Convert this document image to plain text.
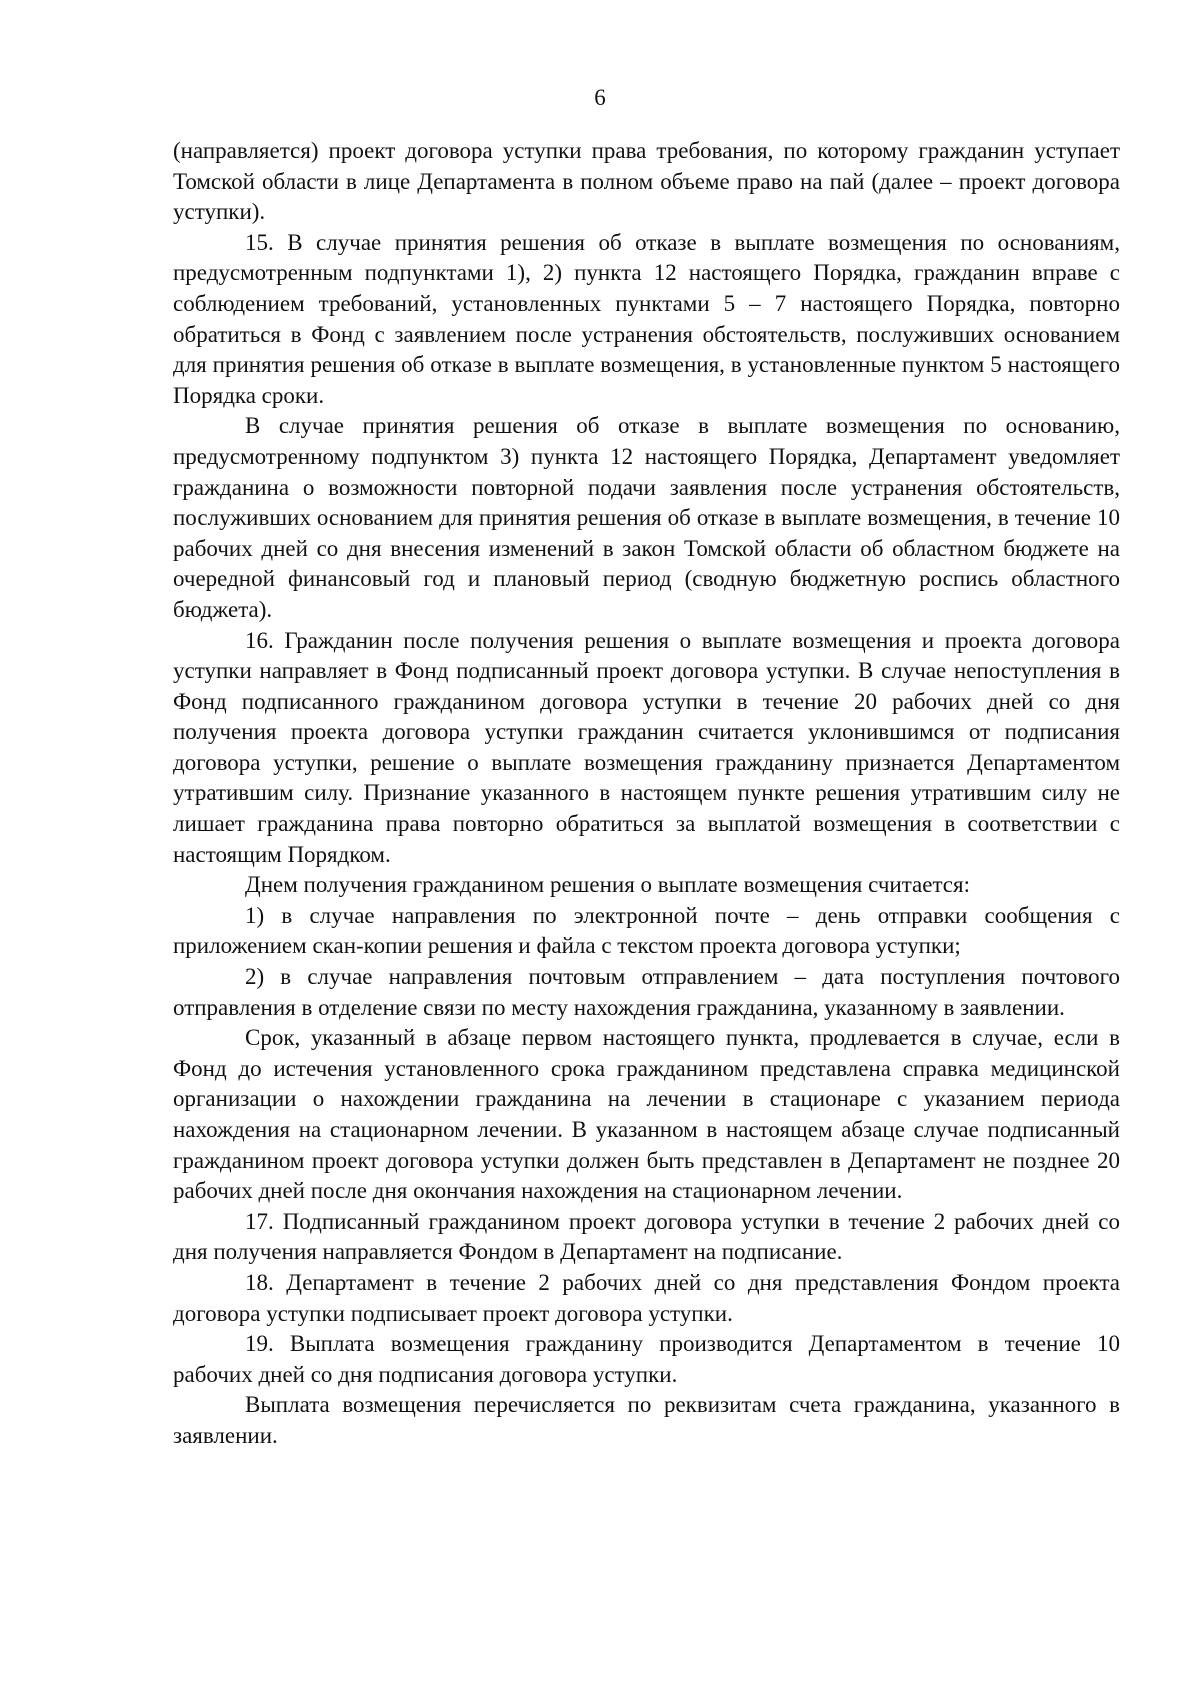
6

(направляется) проект договора уступки права требования, по которому гражданин уступает Томской области в лице Департамента в полном объеме право на пай (далее – проект договора уступки).

15. В случае принятия решения об отказе в выплате возмещения по основаниям, предусмотренным подпунктами 1), 2) пункта 12 настоящего Порядка, гражданин вправе с соблюдением требований, установленных пунктами 5 – 7 настоящего Порядка, повторно обратиться в Фонд с заявлением после устранения обстоятельств, послуживших основанием для принятия решения об отказе в выплате возмещения, в установленные пунктом 5 настоящего Порядка сроки.

В случае принятия решения об отказе в выплате возмещения по основанию, предусмотренному подпунктом 3) пункта 12 настоящего Порядка, Департамент уведомляет гражданина о возможности повторной подачи заявления после устранения обстоятельств, послуживших основанием для принятия решения об отказе в выплате возмещения, в течение 10 рабочих дней со дня внесения изменений в закон Томской области об областном бюджете на очередной финансовый год и плановый период (сводную бюджетную роспись областного бюджета).

16. Гражданин после получения решения о выплате возмещения и проекта договора уступки направляет в Фонд подписанный проект договора уступки. В случае непоступления в Фонд подписанного гражданином договора уступки в течение 20 рабочих дней со дня получения проекта договора уступки гражданин считается уклонившимся от подписания договора уступки, решение о выплате возмещения гражданину признается Департаментом утратившим силу. Признание указанного в настоящем пункте решения утратившим силу не лишает гражданина права повторно обратиться за выплатой возмещения в соответствии с настоящим Порядком.

Днем получения гражданином решения о выплате возмещения считается:

1) в случае направления по электронной почте – день отправки сообщения с приложением скан-копии решения и файла с текстом проекта договора уступки;

2) в случае направления почтовым отправлением – дата поступления почтового отправления в отделение связи по месту нахождения гражданина, указанному в заявлении.

Срок, указанный в абзаце первом настоящего пункта, продлевается в случае, если в Фонд до истечения установленного срока гражданином представлена справка медицинской организации о нахождении гражданина на лечении в стационаре с указанием периода нахождения на стационарном лечении. В указанном в настоящем абзаце случае подписанный гражданином проект договора уступки должен быть представлен в Департамент не позднее 20 рабочих дней после дня окончания нахождения на стационарном лечении.

17. Подписанный гражданином проект договора уступки в течение 2 рабочих дней со дня получения направляется Фондом в Департамент на подписание.

18. Департамент в течение 2 рабочих дней со дня представления Фондом проекта договора уступки подписывает проект договора уступки.

19. Выплата возмещения гражданину производится Департаментом в течение 10 рабочих дней со дня подписания договора уступки.

Выплата возмещения перечисляется по реквизитам счета гражданина, указанного в заявлении.
